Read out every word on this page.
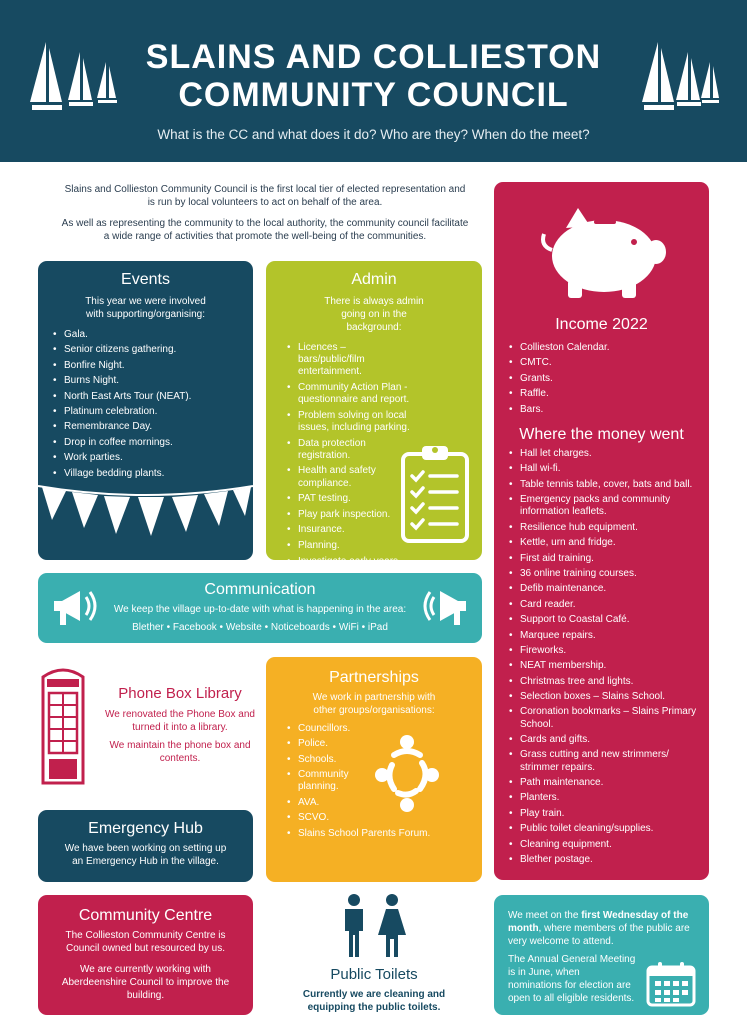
SLAINS AND COLLIESTON
COMMUNITY COUNCIL
What is the CC and what does it do? Who are they? When do the meet?

Slains and Collieston Community Council is the first local tier of elected representation and is run by local volunteers to act on behalf of the area.

As well as representing the community to the local authority, the community council facilitate a wide range of activities that promote the well-being of the communities.

Events

This year we were involved with supporting/organising:

• Gala.
• Senior citizens gathering.
• Bonfire Night.
• Burns Night.
• North East Arts Tour (NEAT).
• Platinum celebration.
• Remembrance Day.
• Drop in coffee mornings.
• Work parties.
• Village bedding plants.
Admin

There is always admin going on in the background:

• Licences – bars/public/film entertainment.
• Community Action Plan - questionnaire and report.
• Problem solving on local issues, including parking.
• Data protection registration.
• Health and safety compliance.
• PAT testing.
• Play park inspection.
• Insurance.
• Planning.
• Investigate early years
•
Income 2022
• Collieston Calendar.
• CMTC.
• Grants.
• Raffle.
• Bars.
Where the money went
• Hall let charges.
• Hall wi-fi.
• Table tennis table, cover, bats and ball.
• Emergency packs and community information leaflets.
• Resilience hub equipment.
• Kettle, urn and fridge.
• First aid training.
• 36 online training courses.
• Defib maintenance.
• Card reader.
• Support to Coastal Café.
• Marquee repairs.
• Fireworks.
• NEAT membership.
• Christmas tree and lights.
• Selection boxes – Slains School.
• Coronation bookmarks – Slains Primary School.
• Cards and gifts.
• Grass cutting and new strimmers/ strimmer repairs.
• Path maintenance.
• Planters.
• Play train.
• Public toilet cleaning/supplies.
• Cleaning equipment.
• Blether postage.
Communication

We keep the village up-to-date with what is happening in the area:

Blether • Facebook • Website • Noticeboards • WiFi • iPad
Phone Box Library

We renovated the Phone Box and turned it into a library.

We maintain the phone box and contents.

Partnerships

We work in partnership with other groups/organisations:

• Councillors.
• Police.
• Schools.
• Community planning.
• AVA.
• SCVO.
• Slains School Parents Forum.
Emergency Hub

We have been working on setting up an Emergency Hub in the village.

Community Centre

The Collieston Community Centre is Council owned but resourced by us.

We are currently working with Aberdeenshire Council to improve the building.

Public Toilets
Currently we are cleaning and equipping the public toilets.

We meet on the first Wednesday of the month, where members of the public are very welcome to attend.

The Annual General Meeting is in June, when nominations for election are open to all eligible residents.
